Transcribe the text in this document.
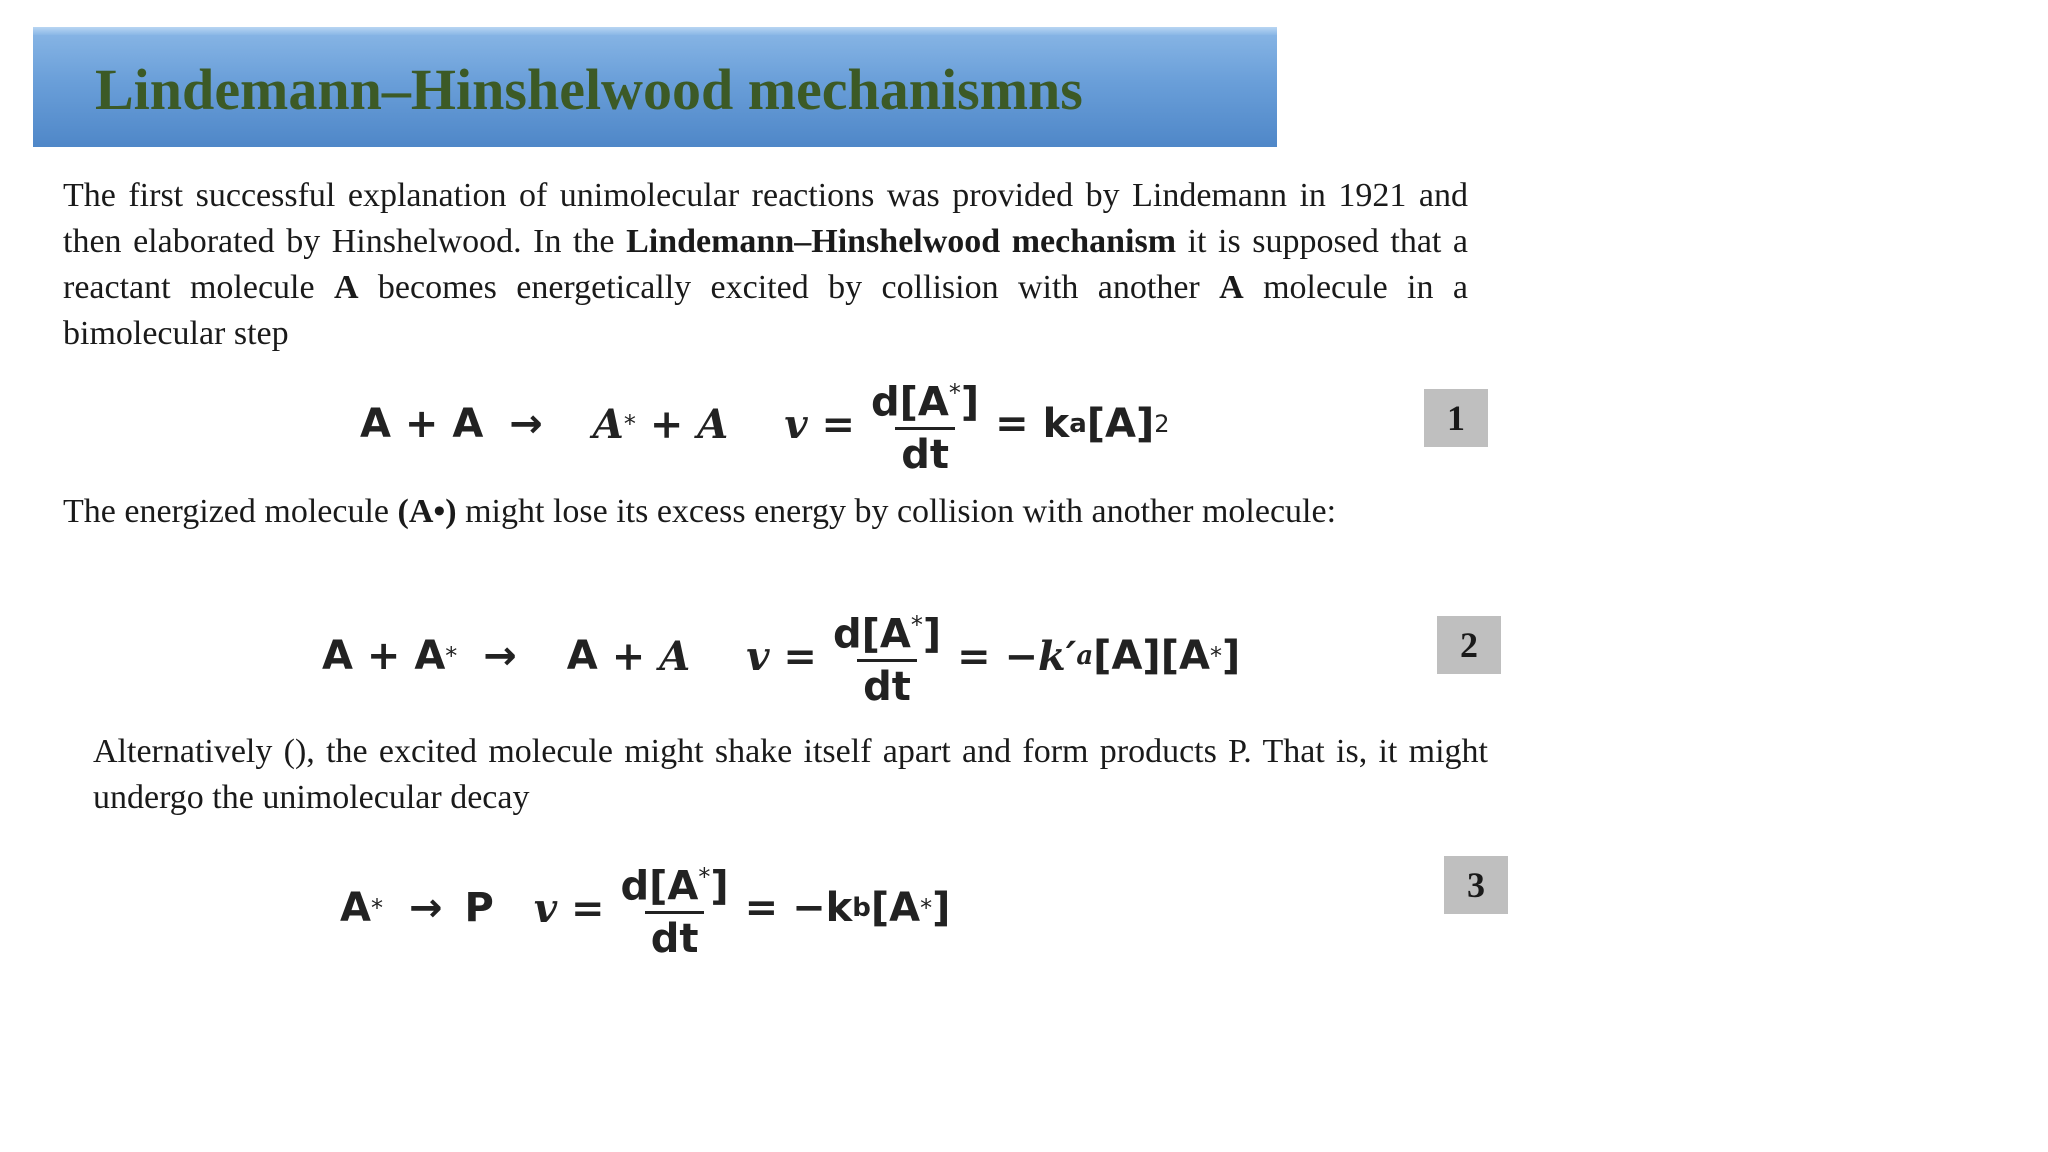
Lindemann–Hinshelwood mechanismns

The first successful explanation of unimolecular reactions was provided by Lindemann in 1921 and then elaborated by Hinshelwood. In the Lindemann–Hinshelwood mechanism it is supposed that a reactant molecule A becomes energetically excited by collision with another A molecule in a bimolecular step

A + A → A * + A $v = \frac{d[A^*]}{dt} = k$ a [A] 2	1

The energized molecule (A•) might lose its excess energy by collision with another molecule:

A + A * → A + A $v = \frac{d[A^*]}{dt} = -k'$ a [A][A * ]	2

Alternatively (), the excited molecule might shake itself apart and form products P. That is, it might undergo the unimolecular decay

A * → P $v = \frac{d[A^*]}{dt} = -k$ b [A * ]
3
